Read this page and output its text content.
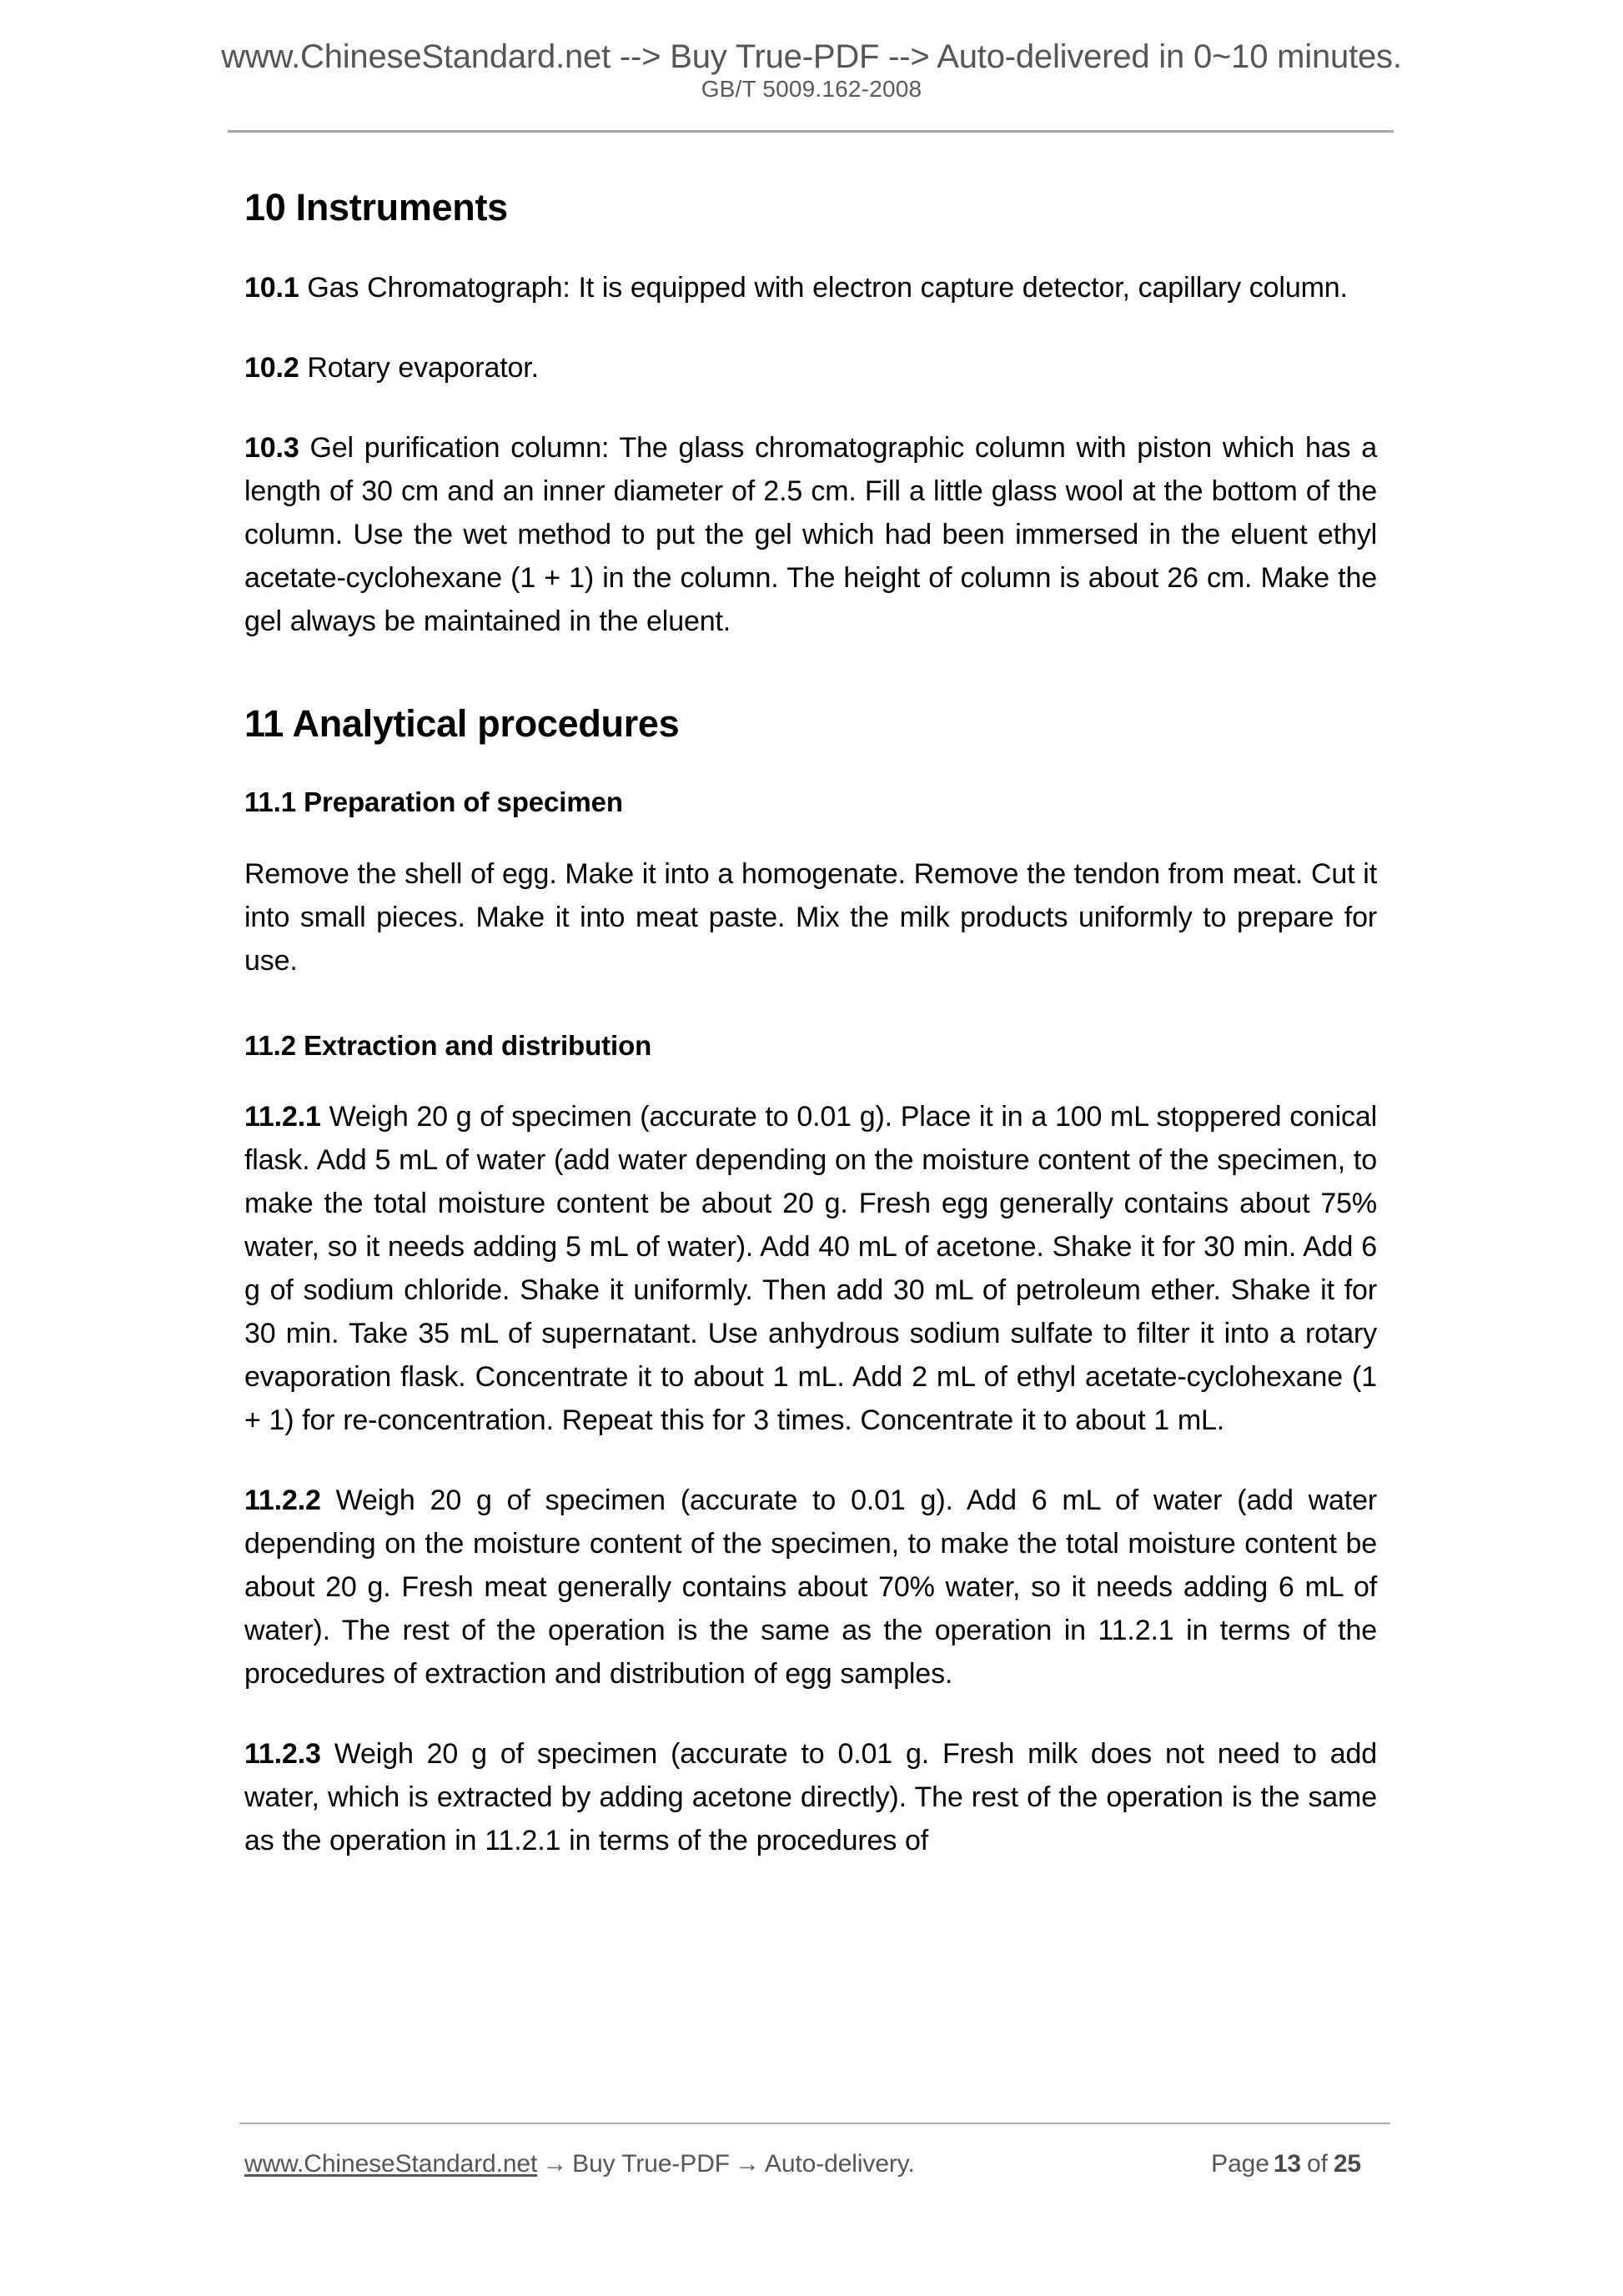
www.ChineseStandard.net --> Buy True-PDF --> Auto-delivered in 0~10 minutes.
GB/T 5009.162-2008
10 Instruments

10.1 Gas Chromatograph: It is equipped with electron capture detector, capillary column.

10.2 Rotary evaporator.

10.3 Gel purification column: The glass chromatographic column with piston which has a length of 30 cm and an inner diameter of 2.5 cm. Fill a little glass wool at the bottom of the column. Use the wet method to put the gel which had been immersed in the eluent ethyl acetate-cyclohexane (1 + 1) in the column. The height of column is about 26 cm. Make the gel always be maintained in the eluent.

11 Analytical procedures
11.1 Preparation of specimen

Remove the shell of egg. Make it into a homogenate. Remove the tendon from meat. Cut it into small pieces. Make it into meat paste. Mix the milk products uniformly to prepare for use.

11.2 Extraction and distribution

11.2.1 Weigh 20 g of specimen (accurate to 0.01 g). Place it in a 100 mL stoppered conical flask. Add 5 mL of water (add water depending on the moisture content of the specimen, to make the total moisture content be about 20 g. Fresh egg generally contains about 75% water, so it needs adding 5 mL of water). Add 40 mL of acetone. Shake it for 30 min. Add 6 g of sodium chloride. Shake it uniformly. Then add 30 mL of petroleum ether. Shake it for 30 min. Take 35 mL of supernatant. Use anhydrous sodium sulfate to filter it into a rotary evaporation flask. Concentrate it to about 1 mL. Add 2 mL of ethyl acetate-cyclohexane (1 + 1) for re-concentration. Repeat this for 3 times. Concentrate it to about 1 mL.

11.2.2 Weigh 20 g of specimen (accurate to 0.01 g). Add 6 mL of water (add water depending on the moisture content of the specimen, to make the total moisture content be about 20 g. Fresh meat generally contains about 70% water, so it needs adding 6 mL of water). The rest of the operation is the same as the operation in 11.2.1 in terms of the procedures of extraction and distribution of egg samples.

11.2.3 Weigh 20 g of specimen (accurate to 0.01 g. Fresh milk does not need to add water, which is extracted by adding acetone directly). The rest of the operation is the same as the operation in 11.2.1 in terms of the procedures of

www.ChineseStandard.net → Buy True-PDF → Auto-delivery.	Page 13 of 25
